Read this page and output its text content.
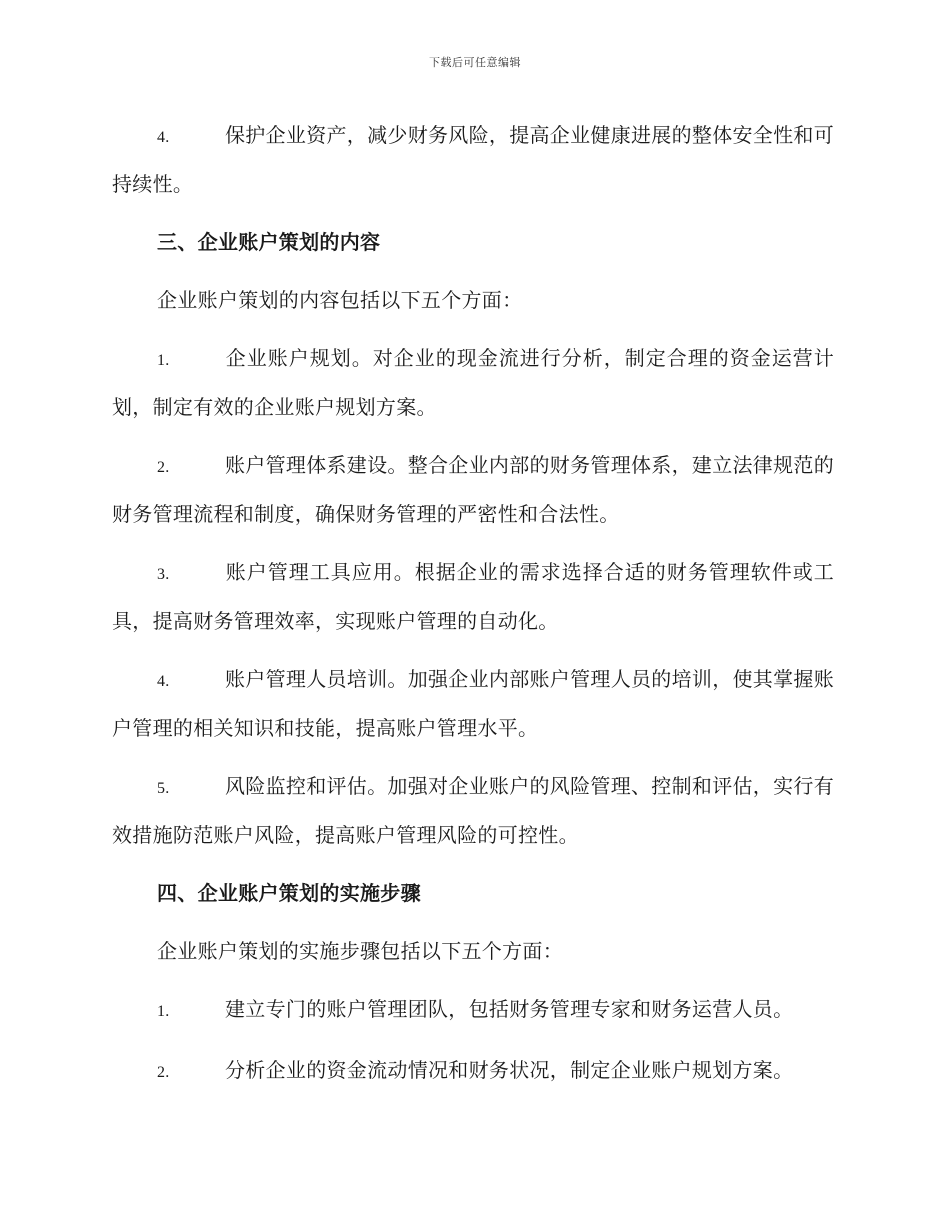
下载后可任意编辑

4.	保护企业资产，减少财务风险，提高企业健康进展的整体安全性和可持续性。

三、企业账户策划的内容

企业账户策划的内容包括以下五个方面：

1.	企业账户规划。对企业的现金流进行分析，制定合理的资金运营计划，制定有效的企业账户规划方案。

2.	账户管理体系建设。整合企业内部的财务管理体系，建立法律规范的财务管理流程和制度，确保财务管理的严密性和合法性。

3.	账户管理工具应用。根据企业的需求选择合适的财务管理软件或工具，提高财务管理效率，实现账户管理的自动化。

4.	账户管理人员培训。加强企业内部账户管理人员的培训，使其掌握账户管理的相关知识和技能，提高账户管理水平。

5.	风险监控和评估。加强对企业账户的风险管理、控制和评估，实行有效措施防范账户风险，提高账户管理风险的可控性。

四、企业账户策划的实施步骤

企业账户策划的实施步骤包括以下五个方面：

1.	建立专门的账户管理团队，包括财务管理专家和财务运营人员。

2.	分析企业的资金流动情况和财务状况，制定企业账户规划方案。
